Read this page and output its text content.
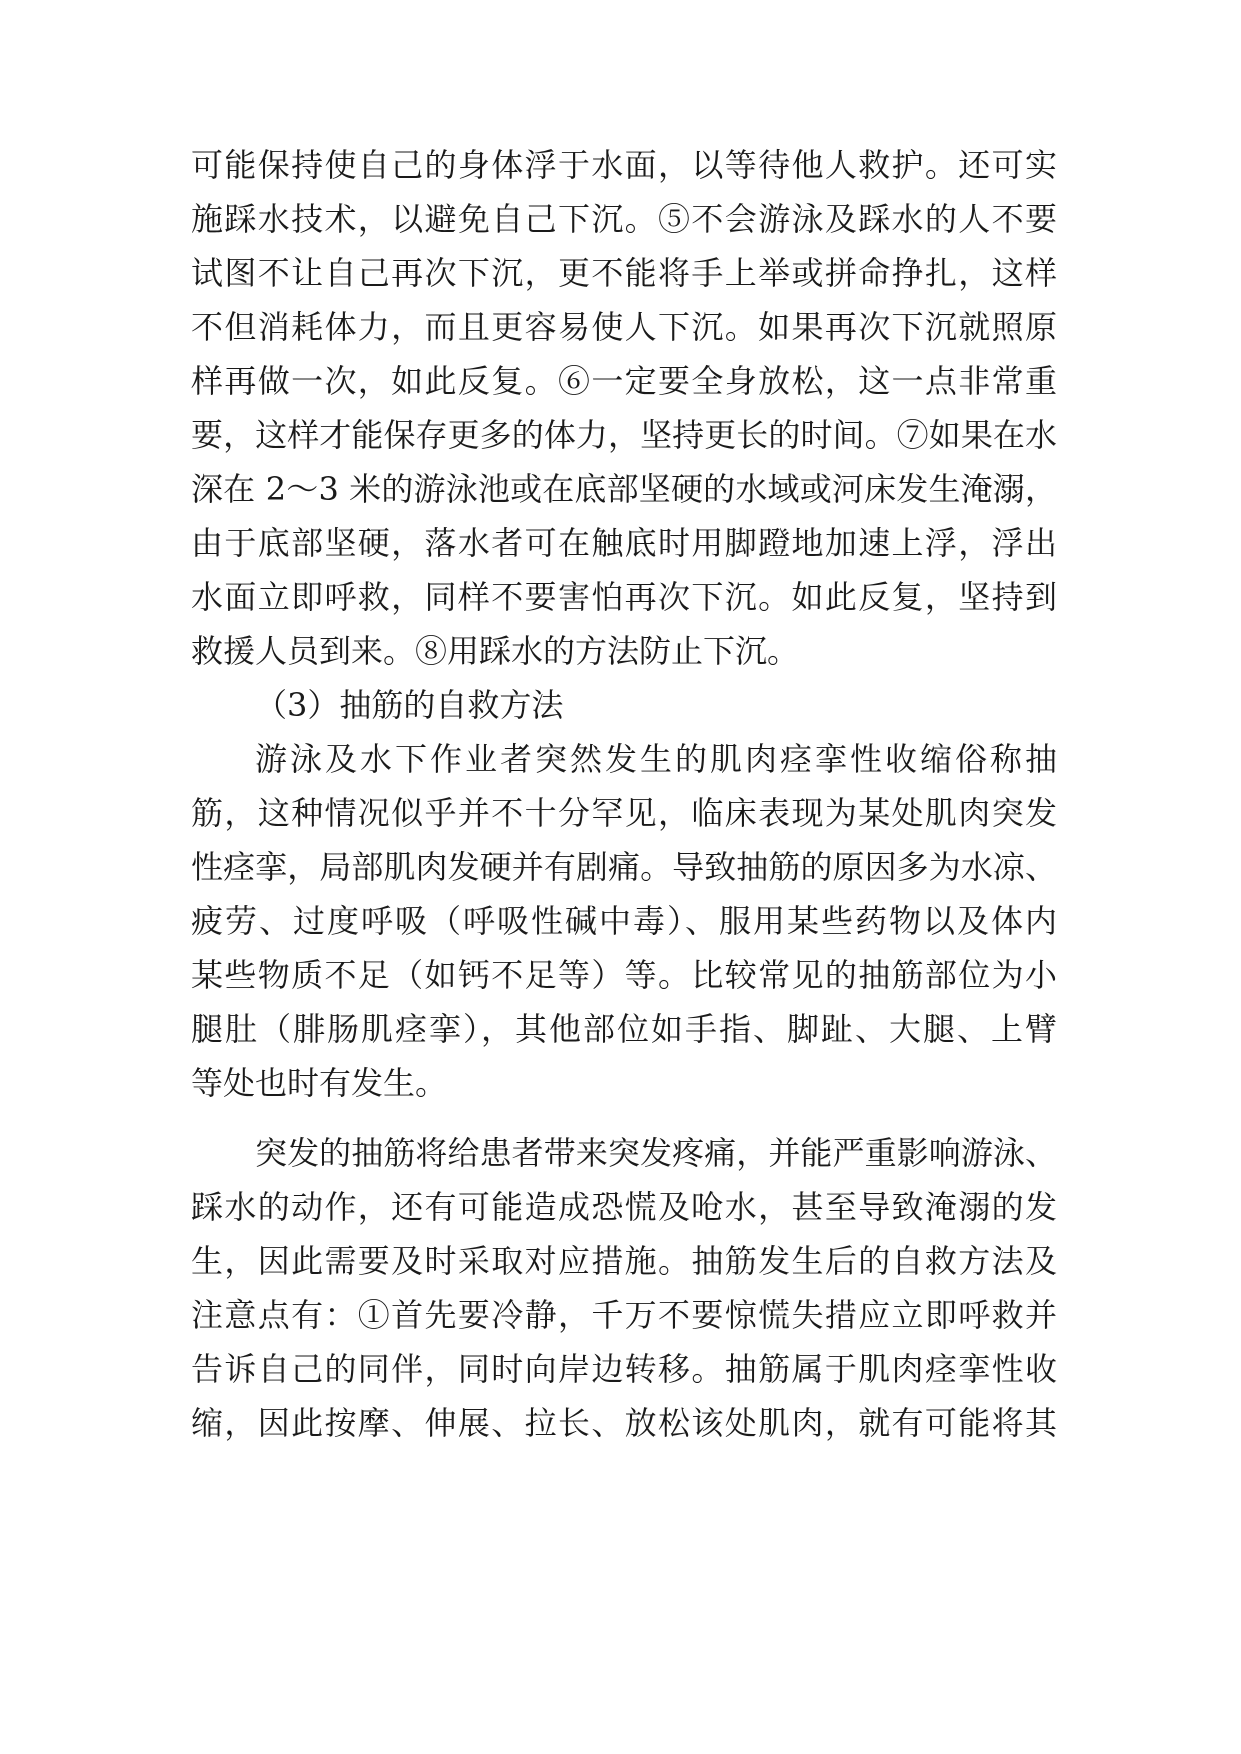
可能保持使自己的身体浮于水面，以等待他人救护。还可实
施踩水技术，以避免自己下沉。⑤不会游泳及踩水的人不要
试图不让自己再次下沉，更不能将手上举或拼命挣扎，这样
不但消耗体力，而且更容易使人下沉。如果再次下沉就照原
样再做一次，如此反复。⑥一定要全身放松，这一点非常重
要，这样才能保存更多的体力，坚持更长的时间。⑦如果在水
深在 2～3 米的游泳池或在底部坚硬的水域或河床发生淹溺，
由于底部坚硬，落水者可在触底时用脚蹬地加速上浮，浮出
水面立即呼救，同样不要害怕再次下沉。如此反复，坚持到
救援人员到来。⑧用踩水的方法防止下沉。
（3）抽筋的自救方法
游泳及水下作业者突然发生的肌肉痉挛性收缩俗称抽
筋，这种情况似乎并不十分罕见，临床表现为某处肌肉突发
性痉挛，局部肌肉发硬并有剧痛。导致抽筋的原因多为水凉、
疲劳、过度呼吸（呼吸性碱中毒）、服用某些药物以及体内
某些物质不足（如钙不足等）等。比较常见的抽筋部位为小
腿肚（腓肠肌痉挛），其他部位如手指、脚趾、大腿、上臂
等处也时有发生。
突发的抽筋将给患者带来突发疼痛，并能严重影响游泳、
踩水的动作，还有可能造成恐慌及呛水，甚至导致淹溺的发
生，因此需要及时采取对应措施。抽筋发生后的自救方法及
注意点有：①首先要冷静，千万不要惊慌失措应立即呼救并
告诉自己的同伴，同时向岸边转移。抽筋属于肌肉痉挛性收
缩，因此按摩、伸展、拉长、放松该处肌肉，就有可能将其
